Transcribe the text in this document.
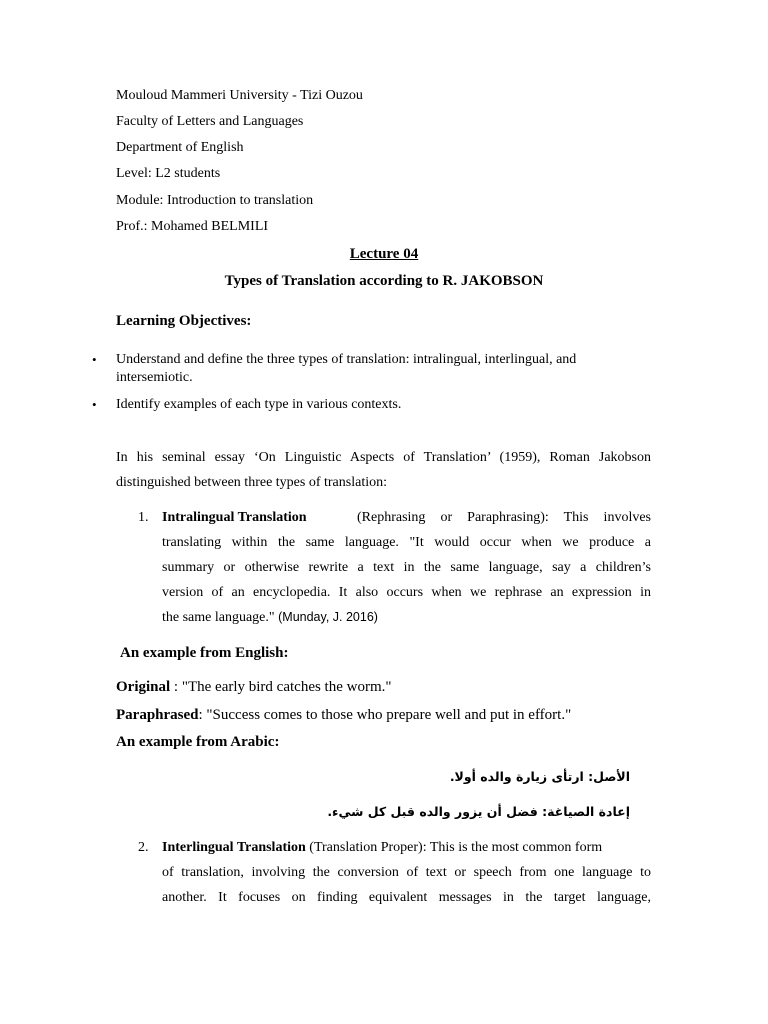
Mouloud Mammeri University - Tizi Ouzou
Faculty of Letters and Languages
Department of English
Level: L2 students
Module: Introduction to translation
Prof.: Mohamed BELMILI
Lecture 04
Types of Translation according to R. JAKOBSON
Learning Objectives:
• Understand and define the three types of translation: intralingual, interlingual, and
intersemiotic.
• Identify examples of each type in various contexts.
In his seminal essay ‘On Linguistic Aspects of Translation’ (1959), Roman Jakobson
distinguished between three types of translation:
1. Intralingual Translation	(Rephrasing or Paraphrasing): This involves
translating within the same language. "It would occur when we produce a
summary or otherwise rewrite a text in the same language, say a children’s
version of an encyclopedia. It also occurs when we rephrase an expression in
the same language." (Munday, J. 2016)
An example from English:
Original : "The early bird catches the worm."
Paraphrased: "Success comes to those who prepare well and put in effort."
An example from Arabic:
الأصل: ارتأى زيارة والده أولا.
إعادة الصياغة: فضل أن يزور والده قبل كل شيء.
2. Interlingual Translation (Translation Proper): This is the most common form
of translation, involving the conversion of text or speech from one language to
another. It focuses on finding equivalent messages in the target language,
